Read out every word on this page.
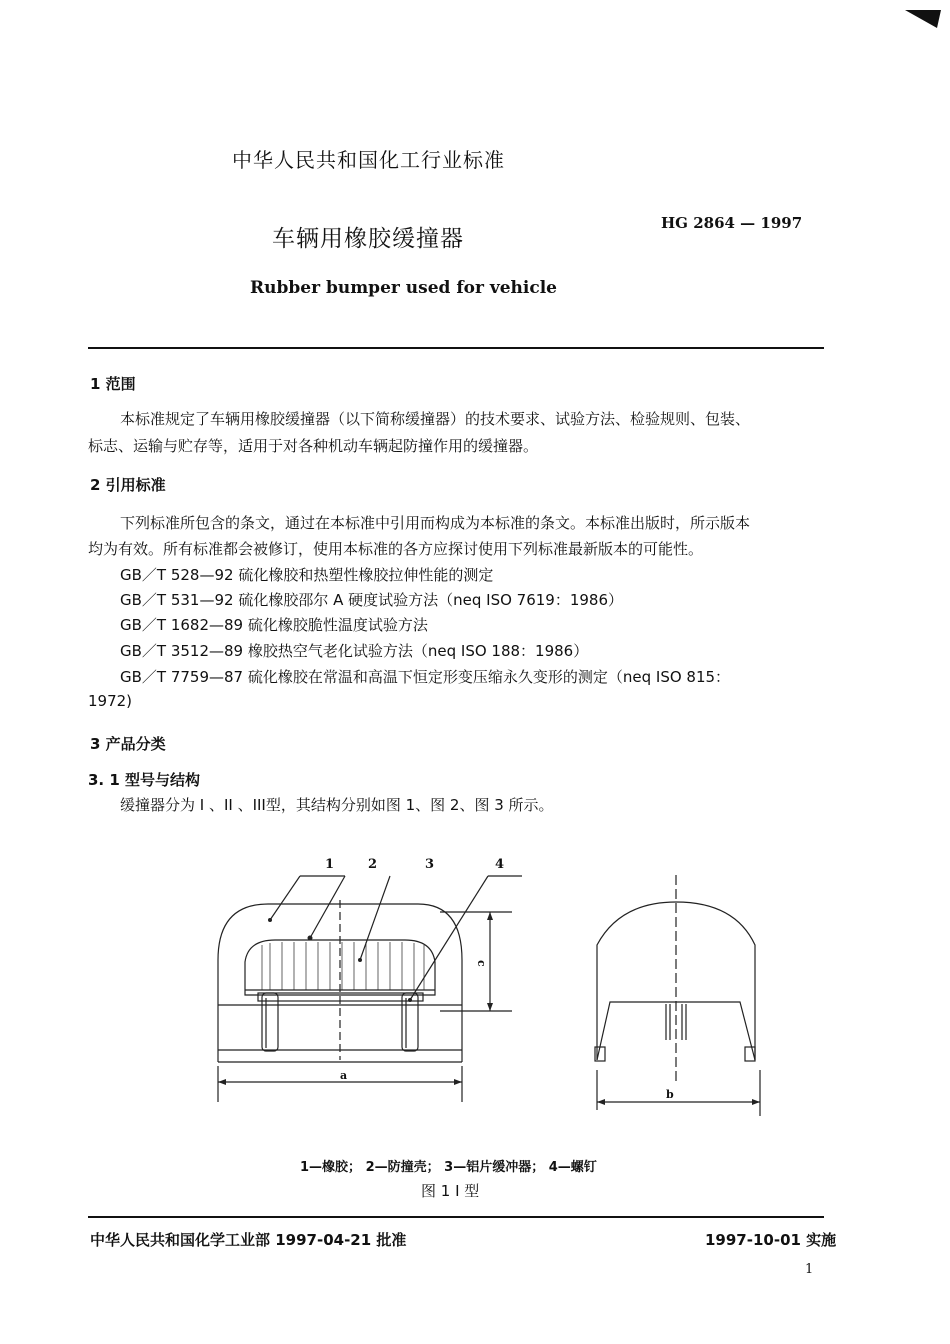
中华人民共和国化工行业标准
车辆用橡胶缓撞器
HG 2864 — 1997
Rubber bumper used for vehicle
1 范围
本标准规定了车辆用橡胶缓撞器（以下简称缓撞器）的技术要求、试验方法、检验规则、包装、
标志、运输与贮存等，适用于对各种机动车辆起防撞作用的缓撞器。
2 引用标准
下列标准所包含的条文，通过在本标准中引用而构成为本标准的条文。本标准出版时，所示版本
均为有效。所有标准都会被修订，使用本标准的各方应探讨使用下列标准最新版本的可能性。
GB／T 528—92 硫化橡胶和热塑性橡胶拉伸性能的测定
GB／T 531—92 硫化橡胶邵尔 A 硬度试验方法（neq ISO 7619：1986）
GB／T 1682—89 硫化橡胶脆性温度试验方法
GB／T 3512—89 橡胶热空气老化试验方法（neq ISO 188：1986）
GB／T 7759—87 硫化橡胶在常温和高温下恒定形变压缩永久变形的测定（neq ISO 815：
1972)
3 产品分类
3. 1 型号与结构
缓撞器分为 I 、II 、III型，其结构分别如图 1、图 2、图 3 所示。
1	2	3	4
a
b
c
1—橡胶； 2—防撞壳； 3—铝片缓冲器； 4—螺钉
图 1 I 型
中华人民共和国化学工业部 1997-04-21 批准	1997-10-01 实施
1
